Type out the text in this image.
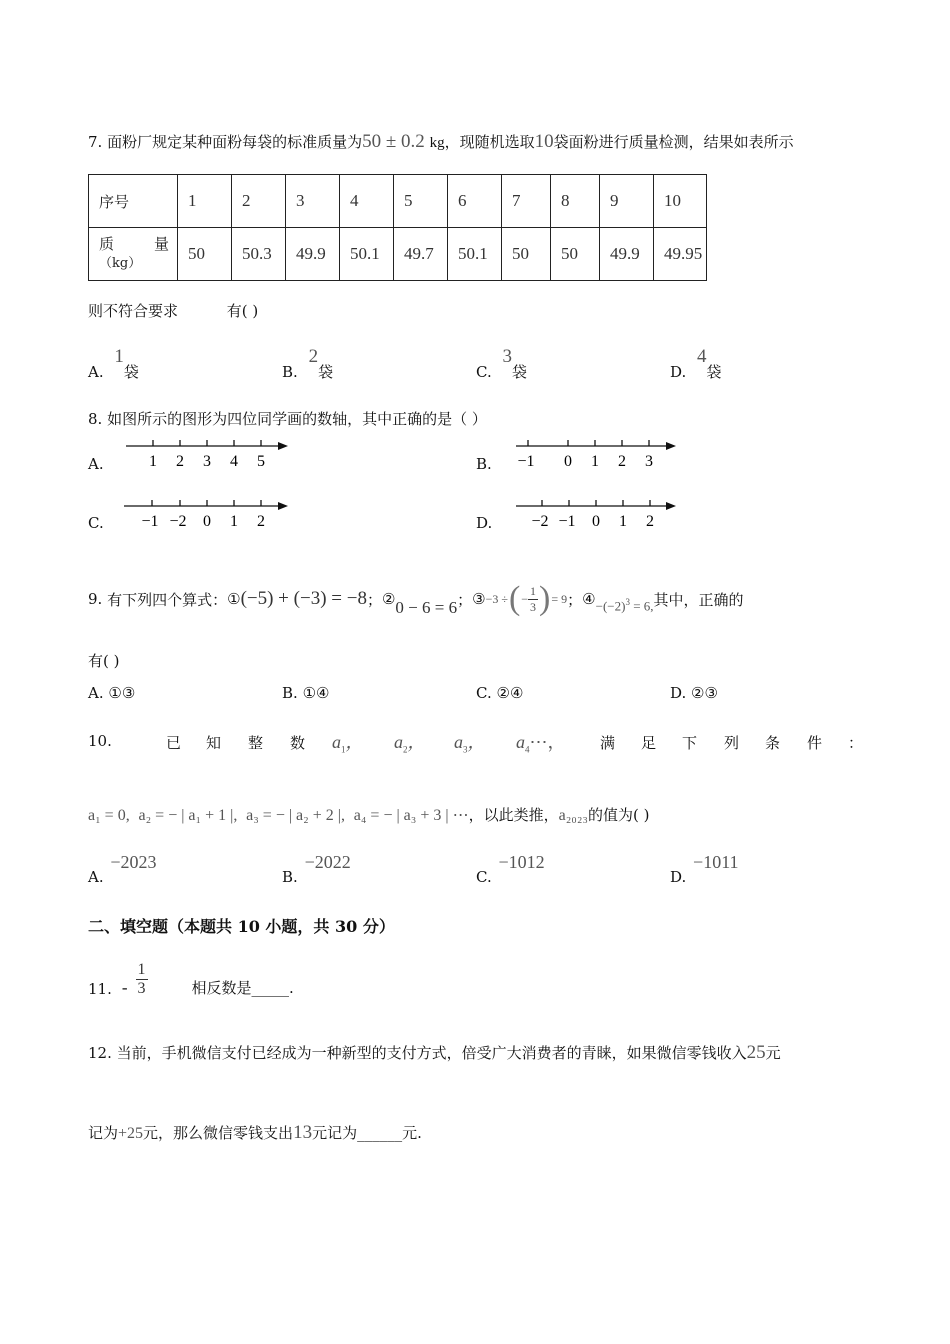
7. 面粉厂规定某种面粉每袋的标准质量为50 ± 0.2 kg，现随机选取10袋面粉进行质量检测，结果如表所示
序号	1	2	3	4	5	6	7	8	9	10

质 量
（kg）	50	50.3	49.9	50.1	49.7	50.1	50	50	49.9	49.95
则不符合要求	有( )
A. 1袋	B. 2袋	C. 3袋	D. 4袋
8. 如图所示的图形为四位同学画的数轴，其中正确的是（ ）
A.	1 2 3 4 5	B. −1 0 1 2 3
C. −1 −2 0 1 2	D. −2 −1 0 1 2
9.
有下列四个算式： ① (−5) + (−3) = −8 ； ② 0 − 6 = 6 ； ③ −3 ÷ ( − $\frac{1}{3}$ ) = 9 ； ④ $-(-2)^3 = 6$, 其中，正确的
有( )
A. ①③	B. ①④	C. ②④	D. ②③
10.	已 知 整 数 $a_1$， $a_2$， $a_3$， $a_4\cdots$， 满 足 下 列 条 件 ：
a₁ = 0, a₂ = − | a₁ + 1 |, a₃ = − | a₂ + 2 |, a₄ = − | a₃ + 3 | ⋯，以此类推，a₂₀₂₃的值为( )
A. −2023
B. −2022
C. −1012
D. −1011
二、填空题（本题共 10 小题，共 30 分）
11. - $\frac{1}{3}$	相反数是_____.
12. 当前，手机微信支付已经成为一种新型的支付方式，倍受广大消费者的青睐，如果微信零钱收入25元
记为+25元，那么微信零钱支出13元记为______元.
